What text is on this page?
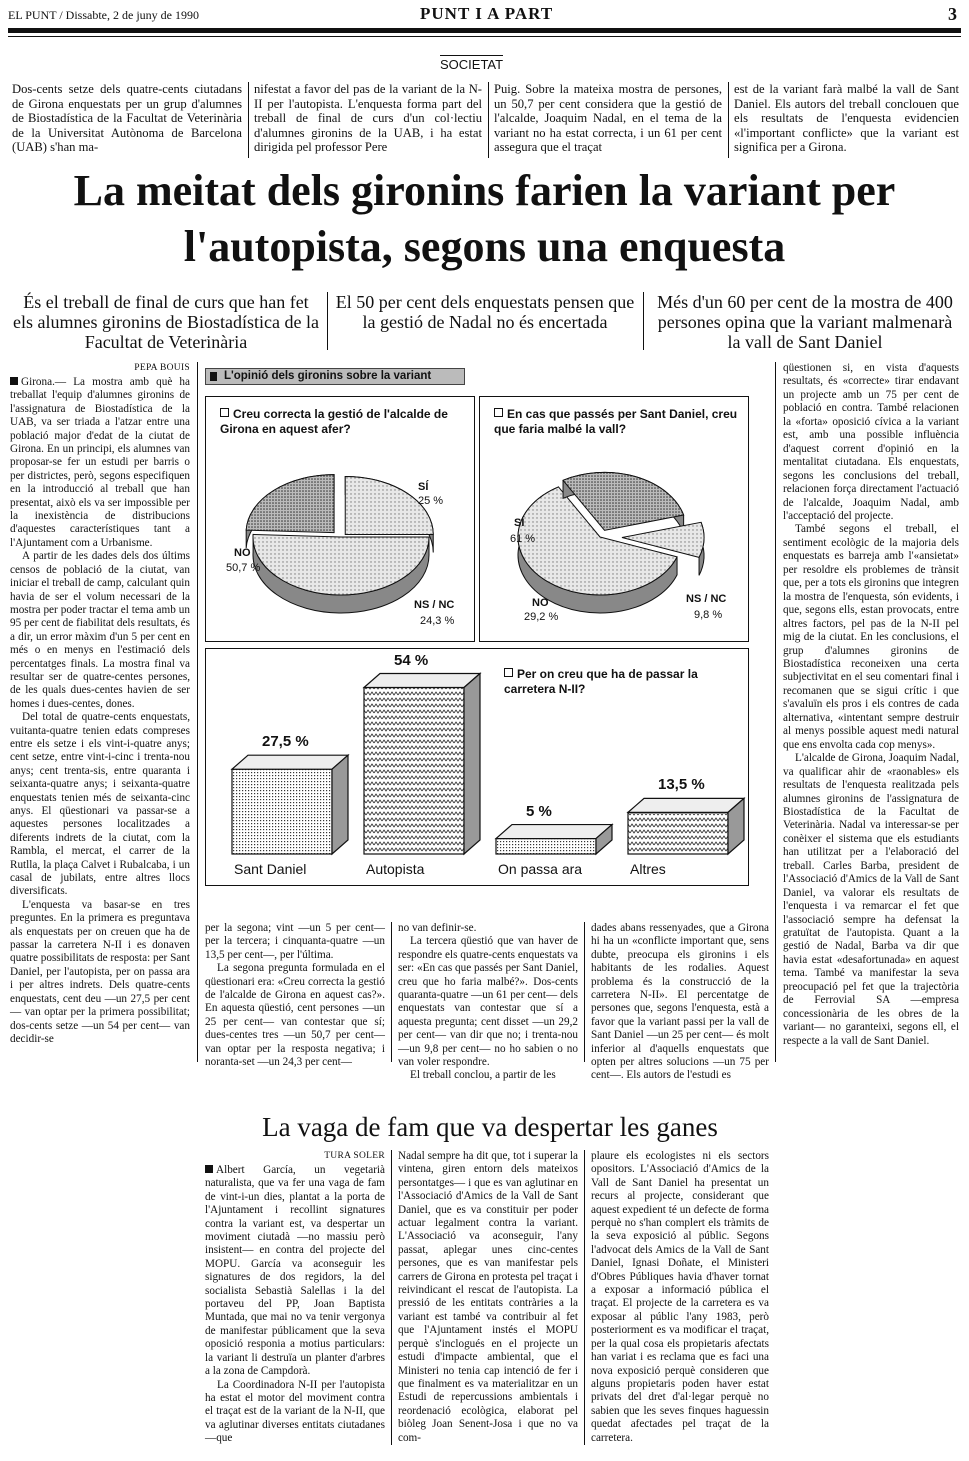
EL PUNT / Dissabte, 2 de juny de 1990	PUNT I A PART	3
SOCIETAT

Dos-cents setze dels quatre-cents ciutadans de Girona enquestats per un grup d'alumnes de Biostadística de la Facultat de Veterinària de la Universitat Autònoma de Barcelona (UAB) s'han ma-

nifestat a favor del pas de la variant de la N-II per l'autopista. L'enquesta forma part del treball de final de curs d'un col·lectiu d'alumnes gironins de la UAB, i ha estat dirigida pel professor Pere

Puig. Sobre la mateixa mostra de persones, un 50,7 per cent considera que la gestió de l'alcalde, Joaquim Nadal, en el tema de la variant no ha estat correcta, i un 61 per cent assegura que el traçat

est de la variant farà malbé la vall de Sant Daniel. Els autors del treball conclouen que els resultats de l'enquesta evidencien «l'important conflicte» que la variant est significa per a Girona.

La meitat dels gironins farien la variant per l'autopista, segons una enquesta
És el treball de final de curs que han fet els alumnes gironins de Biostadística de la Facultat de Veterinària
El 50 per cent dels enquestats pensen que la gestió de Nadal no és encertada
Més d'un 60 per cent de la mostra de 400 persones opina que la variant malmenarà la vall de Sant Daniel
PEPA BOUIS

Girona.— La mostra amb què ha treballat l'equip d'alumnes gironins de l'assignatura de Biostadística de la UAB, va ser triada a l'atzar entre una població major d'edat de la ciutat de Girona. En un principi, els alumnes van proposar-se fer un estudi per barris o per districtes, però, segons especifiquen en la introducció al treball que han presentat, això els va ser impossible per la inexistència de distribucions d'aquestes característiques tant a l'Ajuntament com a Urbanisme.

A partir de les dades dels dos últims censos de població de la ciutat, van iniciar el treball de camp, calculant quin havia de ser el volum necessari de la mostra per poder tractar el tema amb un 95 per cent de fiabilitat dels resultats, és a dir, un error màxim d'un 5 per cent en més o en menys en l'estimació dels percentatges finals. La mostra final va resultar ser de quatre-centes persones, de les quals dues-centes havien de ser homes i dues-centes, dones.

Del total de quatre-cents enquestats, vuitanta-quatre tenien edats compreses entre els setze i els vint-i-quatre anys; cent setze, entre vint-i-cinc i trenta-nou anys; cent trenta-sis, entre quaranta i seixanta-quatre anys; i seixanta-quatre enquestats tenien més de seixanta-cinc anys. El qüestionari va passar-se a aquestes persones localitzades a diferents indrets de la ciutat, com la Rambla, el mercat, el carrer de la Rutlla, la plaça Calvet i Rubalcaba, i un casal de jubilats, entre altres llocs diversificats.

L'enquesta va basar-se en tres preguntes. En la primera es preguntava als enquestats per on creuen que ha de passar la carretera N-II i es donaven quatre possibilitats de resposta: per Sant Daniel, per l'autopista, per on passa ara i per altres indrets. Dels quatre-cents enquestats, cent deu —un 27,5 per cent— van optar per la primera possibilitat; dos-cents setze —un 54 per cent— van decidir-se

L'opinió dels gironins sobre la variant
Creu correcta la gestió de l'alcalde de Girona en aquest afer?
SÍ
25 %
NO
50,7 %
NS / NC
24,3 %
En cas que passés per Sant Daniel, creu que faria malbé la vall?
SÍ
61 %
NO
29,2 %
NS / NC
9,8 %
Per on creu que ha de passar la carretera N-II?
27,5 %
Sant Daniel
54 %
Autopista
5 %
On passa ara
13,5 %
Altres

per la segona; vint —un 5 per cent— per la tercera; i cinquanta-quatre —un 13,5 per cent—, per l'última.

La segona pregunta formulada en el qüestionari era: «Creu correcta la gestió de l'alcalde de Girona en aquest cas?». En aquesta qüestió, cent persones —un 25 per cent— van contestar que sí; dues-centes tres —un 50,7 per cent— van optar per la resposta negativa; i noranta-set —un 24,3 per cent—

no van definir-se.

La tercera qüestió que van haver de respondre els quatre-cents enquestats va ser: «En cas que passés per Sant Daniel, creu que ho faria malbé?». Dos-cents quaranta-quatre —un 61 per cent— dels enquestats van contestar que sí a aquesta pregunta; cent disset —un 29,2 per cent— van dir que no; i trenta-nou —un 9,8 per cent— no ho sabien o no van voler respondre.

El treball conclou, a partir de les

dades abans ressenyades, que a Girona hi ha un «conflicte important que, sens dubte, preocupa els gironins i els habitants de les rodalies. Aquest problema és la construcció de la carretera N-II». El percentatge de persones que, segons l'enquesta, està a favor que la variant passi per la vall de Sant Daniel —un 25 per cent— és molt inferior al d'aquells enquestats que opten per altres solucions —un 75 per cent—. Els autors de l'estudi es

qüestionen si, en vista d'aquests resultats, és «correcte» tirar endavant un projecte amb un 75 per cent de població en contra. També relacionen la «forta» oposició cívica a la variant est, amb una possible influència d'aquest corrent d'opinió en la mentalitat ciutadana. Els enquestats, segons les conclusions del treball, relacionen força directament l'actuació de l'alcalde, Joaquim Nadal, amb l'acceptació del projecte.

També segons el treball, el sentiment ecològic de la majoria dels enquestats es barreja amb l'«ansietat» per resoldre els problemes de trànsit que, per a tots els gironins que integren la mostra de l'enquesta, són evidents, i que, segons ells, estan provocats, entre altres factors, pel pas de la N-II pel mig de la ciutat. En les conclusions, el grup d'alumnes gironins de Biostadística reconeixen una certa subjectivitat en el seu comentari final i recomanen que se sigui crític i que s'avaluïn els pros i els contres de cada alternativa, «intentant sempre destruir al menys possible aquest medi natural que ens envolta cada cop menys».

L'alcalde de Girona, Joaquim Nadal, va qualificar ahir de «raonables» els resultats de l'enquesta realitzada pels alumnes gironins de l'assignatura de Biostadística de la Facultat de Veterinària. Nadal va interessar-se per conèixer el sistema que els estudiants han utilitzat per a l'elaboració del treball. Carles Barba, president de l'Associació d'Amics de la Vall de Sant Daniel, va valorar els resultats de l'enquesta i va remarcar el fet que l'associació sempre ha defensat la gratuïtat de l'autopista. Quant a la gestió de Nadal, Barba va dir que havia estat «desafortunada» en aquest tema. També va manifestar la seva preocupació pel fet que la trajectòria de Ferrovial SA —empresa concessionària de les obres de la variant— no garanteixi, segons ell, el respecte a la vall de Sant Daniel.

La vaga de fam que va despertar les ganes
TURA SOLER

Albert García, un vegetarià naturalista, que va fer una vaga de fam de vint-i-un dies, plantat a la porta de l'Ajuntament i recollint signatures contra la variant est, va despertar un moviment ciutadà —no massiu però insistent— en contra del projecte del MOPU. García va aconseguir les signatures de dos regidors, la del socialista Sebastià Salellas i la del portaveu del PP, Joan Baptista Muntada, que mai no va tenir vergonya de manifestar públicament que la seva oposició responia a motius particulars: la variant li destruïa un planter d'arbres a la zona de Campdorà.

La Coordinadora N-II per l'autopista ha estat el motor del moviment contra el traçat est de la variant de la N-II, que va aglutinar diverses entitats ciutadanes —que

Nadal sempre ha dit que, tot i superar la vintena, giren entorn dels mateixos persontatges— i que es van aglutinar en l'Associació d'Amics de la Vall de Sant Daniel, que es va constituir per poder actuar legalment contra la variant. L'Associació va aconseguir, l'any passat, aplegar unes cinc-centes persones, que es van manifestar pels carrers de Girona en protesta pel traçat i reivindicant el rescat de l'autopista. La pressió de les entitats contràries a la variant est també va contribuir al fet que l'Ajuntament instés el MOPU perquè s'inclogués en el projecte un estudi d'impacte ambiental, que el Ministeri no tenia cap intenció de fer i que finalment es va materialitzar en un Estudi de repercussions ambientals i reordenació ecològica, elaborat pel biòleg Joan Senent-Josa i que no va com-

plaure els ecologistes ni els sectors opositors. L'Associació d'Amics de la Vall de Sant Daniel ha presentat un recurs al projecte, considerant que aquest expedient té un defecte de forma perquè no s'han complert els tràmits de la seva exposició al públic. Segons l'advocat dels Amics de la Vall de Sant Daniel, Ignasi Doñate, el Ministeri d'Obres Públiques havia d'haver tornat a exposar a informació pública el traçat. El projecte de la carretera es va exposar al públic l'any 1983, però posteriorment es va modificar el traçat, per la qual cosa els propietaris afectats han variat i es reclama que es faci una nova exposició perquè consideren que alguns propietaris poden haver estat privats del dret d'al·legar perquè no sabien que les seves finques haguessin quedat afectades pel traçat de la carretera.
